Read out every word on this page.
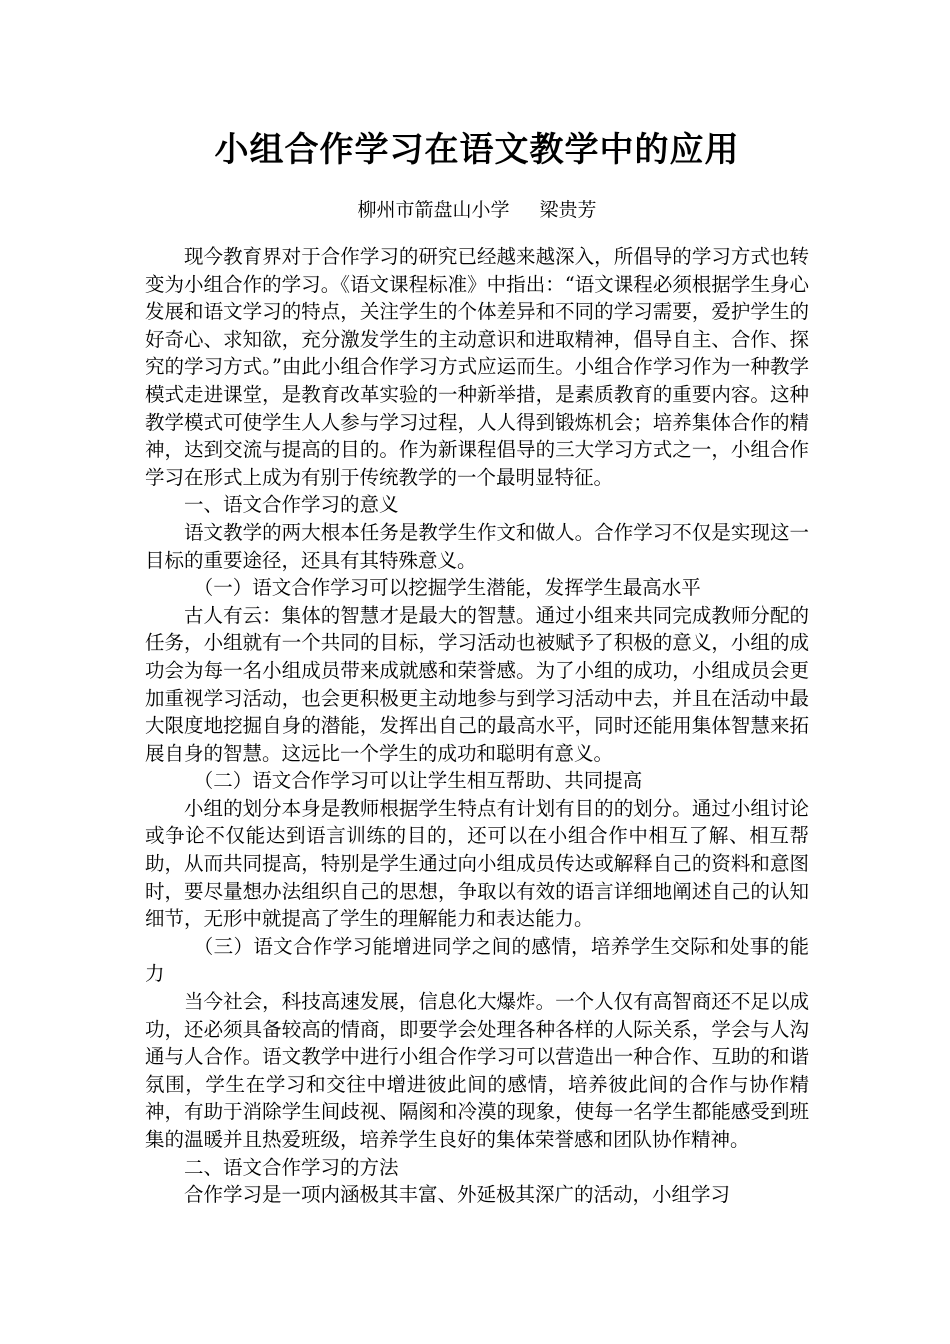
小组合作学习在语文教学中的应用

柳州市箭盘山小学 梁贵芳

现今教育界对于合作学习的研究已经越来越深入，所倡导的学习方式也转变为小组合作的学习。《语文课程标准》中指出：“语文课程必须根据学生身心发展和语文学习的特点，关注学生的个体差异和不同的学习需要，爱护学生的好奇心、求知欲，充分激发学生的主动意识和进取精神，倡导自主、合作、探究的学习方式。”由此小组合作学习方式应运而生。小组合作学习作为一种教学模式走进课堂，是教育改革实验的一种新举措，是素质教育的重要内容。这种教学模式可使学生人人参与学习过程，人人得到锻炼机会；培养集体合作的精神，达到交流与提高的目的。作为新课程倡导的三大学习方式之一，小组合作学习在形式上成为有别于传统教学的一个最明显特征。

一、语文合作学习的意义

语文教学的两大根本任务是教学生作文和做人。合作学习不仅是实现这一目标的重要途径，还具有其特殊意义。

（一）语文合作学习可以挖掘学生潜能，发挥学生最高水平

古人有云：集体的智慧才是最大的智慧。通过小组来共同完成教师分配的任务，小组就有一个共同的目标，学习活动也被赋予了积极的意义，小组的成功会为每一名小组成员带来成就感和荣誉感。为了小组的成功，小组成员会更加重视学习活动，也会更积极更主动地参与到学习活动中去，并且在活动中最大限度地挖掘自身的潜能，发挥出自己的最高水平，同时还能用集体智慧来拓展自身的智慧。这远比一个学生的成功和聪明有意义。

（二）语文合作学习可以让学生相互帮助、共同提高

小组的划分本身是教师根据学生特点有计划有目的的划分。通过小组讨论或争论不仅能达到语言训练的目的，还可以在小组合作中相互了解、相互帮助，从而共同提高，特别是学生通过向小组成员传达或解释自己的资料和意图时，要尽量想办法组织自己的思想，争取以有效的语言详细地阐述自己的认知细节，无形中就提高了学生的理解能力和表达能力。

（三）语文合作学习能增进同学之间的感情，培养学生交际和处事的能力

当今社会，科技高速发展，信息化大爆炸。一个人仅有高智商还不足以成功，还必须具备较高的情商，即要学会处理各种各样的人际关系，学会与人沟通与人合作。语文教学中进行小组合作学习可以营造出一种合作、互助的和谐氛围，学生在学习和交往中增进彼此间的感情，培养彼此间的合作与协作精神，有助于消除学生间歧视、隔阂和冷漠的现象，使每一名学生都能感受到班集的温暖并且热爱班级，培养学生良好的集体荣誉感和团队协作精神。

二、语文合作学习的方法

合作学习是一项内涵极其丰富、外延极其深广的活动，小组学习
